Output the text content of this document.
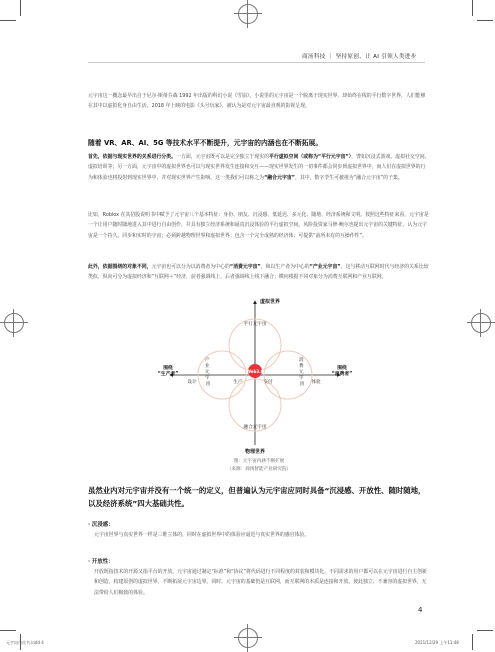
商汤科技 ｜ 坚持原创、让 AI 引领人类进步

元宇宙这一概念最早出自于尼尔·斯蒂芬森 1992 年出版的科幻小说《雪崩》，小说里的元宇宙是一个脱离于现实世界，却始终在线的平行数字世界，人们能够在其中以虚拟化身自由生活。2018 年上映的电影《头号玩家》，被认为是对元宇宙最直观的影视呈现。

随着 VR、AR、AI、5G 等技术水平不断提升，元宇宙的内涵也在不断拓展。

首先，依据与现实世界的关系进行分类。一方面，元宇宙既可以是完全独立于现实的平行虚拟空间（或称为“平行元宇宙”），譬如沉浸式游戏、虚拟社交空间、虚拟培训等；另一方面，元宇宙中的虚拟世界也可以与现实世界发生连接和交互——现实世界发生的一切事件都会同步到虚拟世界中，而人们在虚拟世界的行为和体验也将投射到现实世界中，并对现实世界产生影响。这一类我们可以称之为“融合元宇宙”，其中，数字孪生可被视为“融合元宇宙”的子集。

比如，Roblox 在其招股说明书中赋予了元宇宙八个基本特征：身份、朋友、沉浸感、低延迟、多元化、随地、经济系统和文明。按照这些特征来看，元宇宙是一个让用户随时随地进入其中进行自由创作，并具有独立经济系统和逼真沉浸体验的平行虚拟空间。风险投资家马修·鲍尔也提出元宇宙的关键特征，认为元宇宙是一个持久、同步和实时的宇宙；必须跨越物理世界和虚拟世界；包含一个完全成熟的经济体；可提供“前所未有的互操作性”。

此外，依据围绕的对象不同，元宇宙也可以分为以消费者为中心的“消费元宇宙”，和以生产者为中心的“产业元宇宙”。这与移动互联网时代与经济的关系比较类似，纵向可分为虚拟经济和“互联网＋”经济，前者强调线上，后者强调线上线下融合；横向根据不同对象分为消费互联网和产业互联网。

Web3.0
虚拟世界
物理世界
平行元宇宙
融合元宇宙
产 业 元 宇 宙
消 费 元 宇 宙
围绕
“生产者”
围绕
“消费者”
设计	生产	交付	体验
图：元宇宙内涵不断扩展
（来源：商汤智能产业研究院）

虽然业内对元宇宙并没有一个统一的定义，但普遍认为元宇宙应同时具备“沉浸感、开放性、随时随地，以及经济系统”四大基础共性。

· 沉浸感：

元宇宙世界与真实世界一样是三维立体的，同时在虚拟世界中的体验应逼近与真实世界的感官体验。

· 开放性：

开放既指技术的开源又指平台的开放。元宇宙通过制定“标准”和“协议”将代码进行不同程度的封装和模块化，不同需求的用户都可以在元宇宙进行自主创新和创造，构建原创的虚拟世界，不断拓展元宇宙边界。同时，元宇宙的基础仍是互联网，而互联网的本质是连接和开放。彼此独立、不兼容的虚拟世界，无法带给人们极致的体验。

4
元宇宙白皮书.indd 4	2021/12/29 上午11:48
